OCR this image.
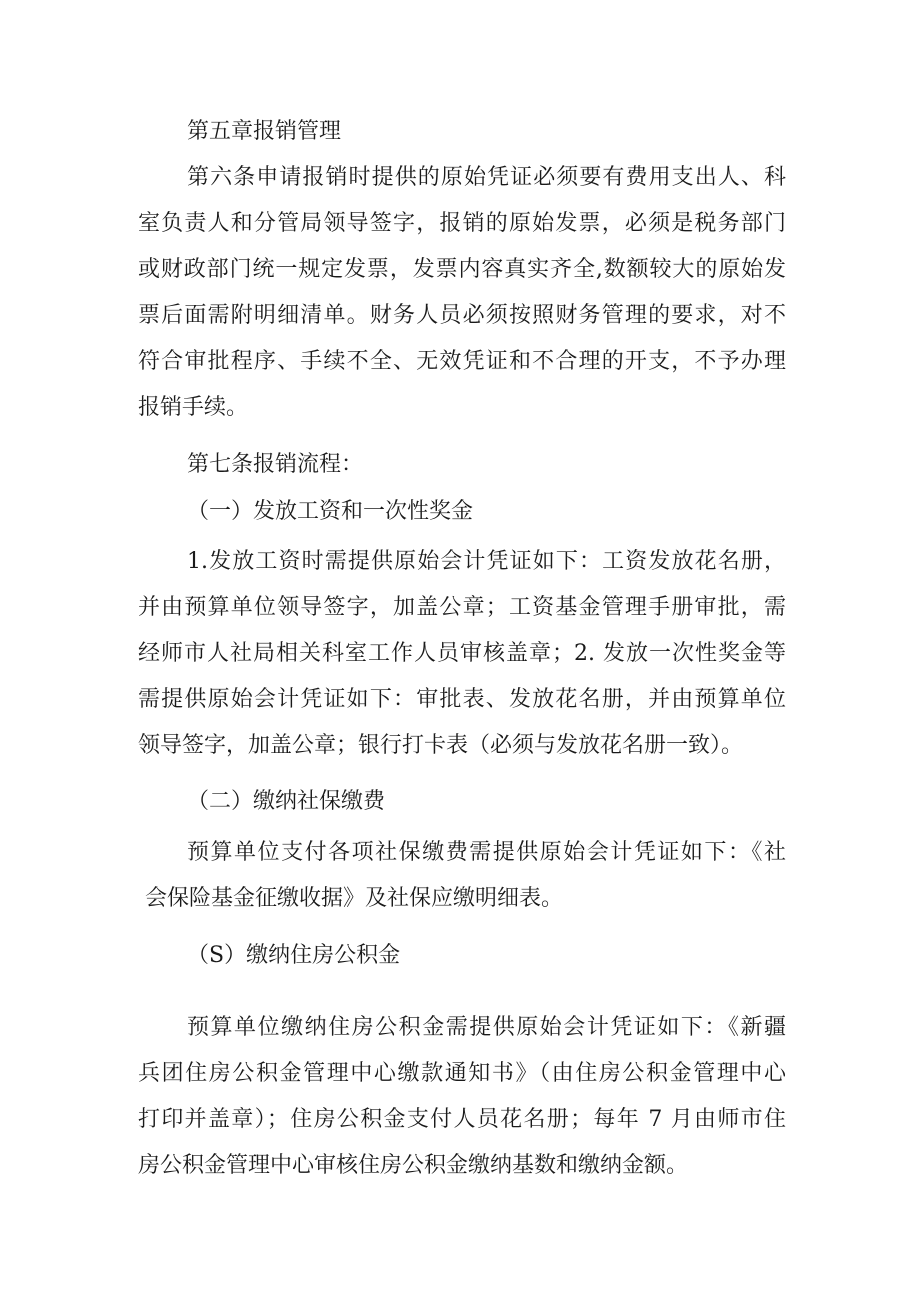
第五章报销管理
第六条申请报销时提供的原始凭证必须要有费用支出人、科
室负责人和分管局领导签字，报销的原始发票，必须是税务部门
或财政部门统一规定发票，发票内容真实齐全,数额较大的原始发
票后面需附明细清单。财务人员必须按照财务管理的要求，对不
符合审批程序、手续不全、无效凭证和不合理的开支，不予办理
报销手续。
第七条报销流程：
（一）发放工资和一次性奖金
1.发放工资时需提供原始会计凭证如下：工资发放花名册，
并由预算单位领导签字，加盖公章；工资基金管理手册审批，需
经师市人社局相关科室工作人员审核盖章；2. 发放一次性奖金等
需提供原始会计凭证如下：审批表、发放花名册，并由预算单位
领导签字，加盖公章；银行打卡表（必须与发放花名册一致）。
（二）缴纳社保缴费
预算单位支付各项社保缴费需提供原始会计凭证如下：《社
会保险基金征缴收据》及社保应缴明细表。
（S）缴纳住房公积金
预算单位缴纳住房公积金需提供原始会计凭证如下：《新疆
兵团住房公积金管理中心缴款通知书》（由住房公积金管理中心
打印并盖章）；住房公积金支付人员花名册；每年 7 月由师市住
房公积金管理中心审核住房公积金缴纳基数和缴纳金额。
